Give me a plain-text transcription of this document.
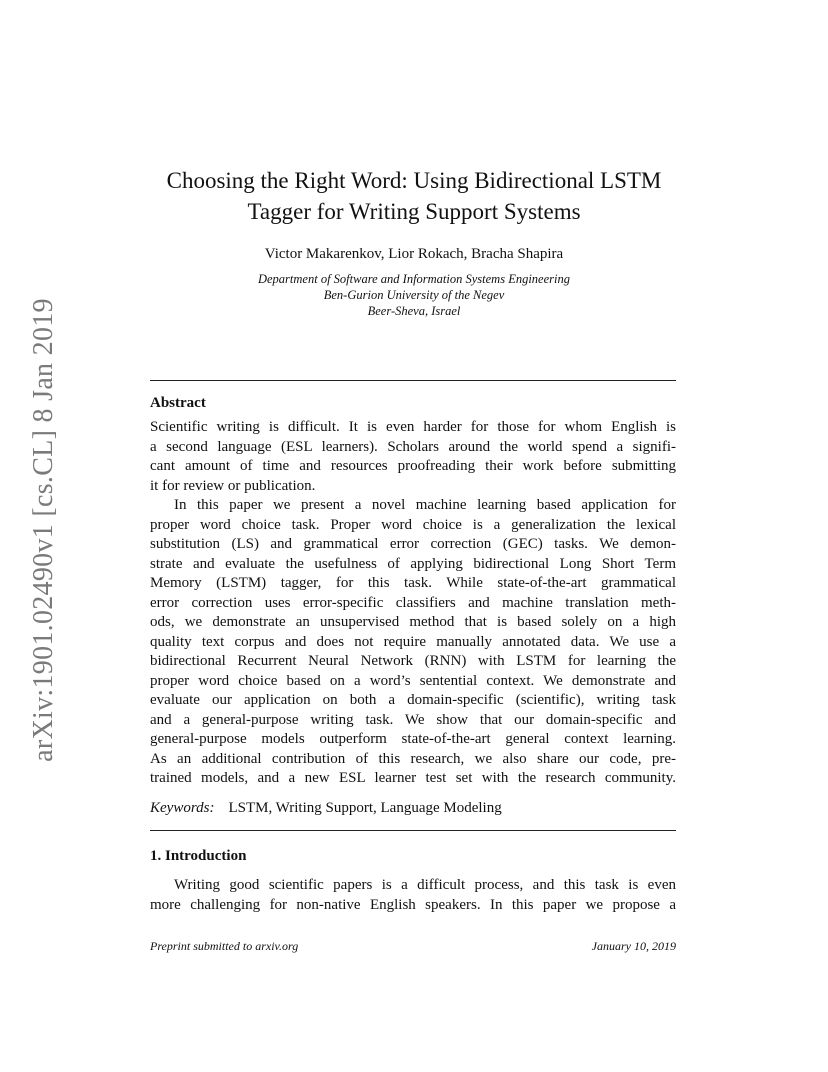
arXiv:1901.02490v1 [cs.CL] 8 Jan 2019
Choosing the Right Word: Using Bidirectional LSTM
Tagger for Writing Support Systems
Victor Makarenkov, Lior Rokach, Bracha Shapira
Department of Software and Information Systems Engineering
Ben-Gurion University of the Negev
Beer-Sheva, Israel
Abstract
Scientific writing is difficult. It is even harder for those for whom English is
a second language (ESL learners). Scholars around the world spend a signifi-
cant amount of time and resources proofreading their work before submitting
it for review or publication.
In this paper we present a novel machine learning based application for
proper word choice task. Proper word choice is a generalization the lexical
substitution (LS) and grammatical error correction (GEC) tasks. We demon-
strate and evaluate the usefulness of applying bidirectional Long Short Term
Memory (LSTM) tagger, for this task. While state-of-the-art grammatical
error correction uses error-specific classifiers and machine translation meth-
ods, we demonstrate an unsupervised method that is based solely on a high
quality text corpus and does not require manually annotated data. We use a
bidirectional Recurrent Neural Network (RNN) with LSTM for learning the
proper word choice based on a word’s sentential context. We demonstrate and
evaluate our application on both a domain-specific (scientific), writing task
and a general-purpose writing task. We show that our domain-specific and
general-purpose models outperform state-of-the-art general context learning.
As an additional contribution of this research, we also share our code, pre-
trained models, and a new ESL learner test set with the research community.
Keywords: LSTM, Writing Support, Language Modeling
1. Introduction
Writing good scientific papers is a difficult process, and this task is even
more challenging for non-native English speakers. In this paper we propose a
Preprint submitted to arxiv.org	January 10, 2019
